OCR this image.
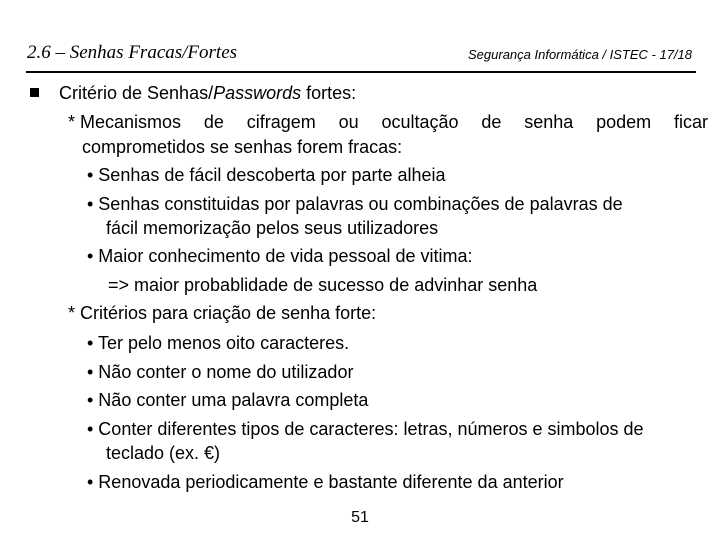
2.6 – Senhas Fracas/Fortes	Segurança Informática / ISTEC - 17/18
Critério de Senhas/Passwords fortes:
* Mecanismos de cifragem ou ocultação de senha podem ficar
comprometidos se senhas forem fracas:
• Senhas de fácil descoberta por parte alheia
• Senhas constituidas por palavras ou combinações de palavras de
fácil memorização pelos seus utilizadores
• Maior conhecimento de vida pessoal de vitima:
=> maior probablidade de sucesso de advinhar senha
* Critérios para criação de senha forte:
• Ter pelo menos oito caracteres.
• Não conter o nome do utilizador
• Não conter uma palavra completa
• Conter diferentes tipos de caracteres: letras, números e simbolos de
teclado (ex. €)
• Renovada periodicamente e bastante diferente da anterior
51
